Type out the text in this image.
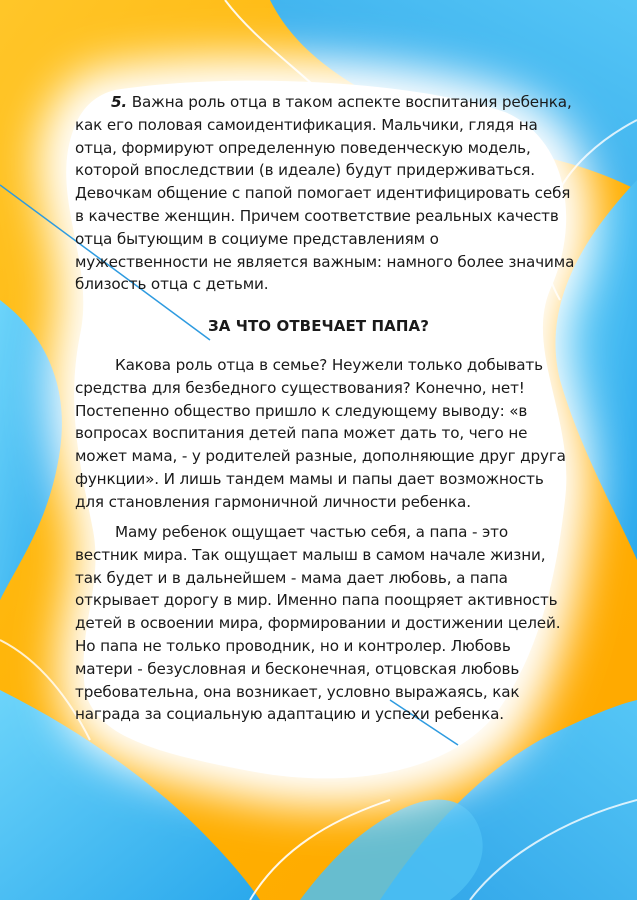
5. Важна роль отца в таком аспекте воспитания ребенка, как его половая самоидентификация. Мальчики, глядя на отца, формируют определенную поведенческую модель, которой впоследствии (в идеале) будут придерживаться. Девочкам общение с папой помогает идентифицировать себя в качестве женщин. Причем соответствие реальных качеств отца бытующим в социуме представлениям о мужественности не является важным: намного более значима близость отца с детьми.

ЗА ЧТО ОТВЕЧАЕТ ПАПА?

Какова роль отца в семье? Неужели только добывать средства для безбедного существования? Конечно, нет! Постепенно общество пришло к следующему выводу: «в вопросах воспитания детей папа может дать то, чего не может мама, - у родителей разные, дополняющие друг друга функции». И лишь тандем мамы и папы дает возможность для становления гармоничной личности ребенка.

Маму ребенок ощущает частью себя, а папа - это вестник мира. Так ощущает малыш в самом начале жизни, так будет и в дальнейшем - мама дает любовь, а папа открывает дорогу в мир. Именно папа поощряет активность детей в освоении мира, формировании и достижении целей. Но папа не только проводник, но и контролер. Любовь матери - безусловная и бесконечная, отцовская любовь требовательна, она возникает, условно выражаясь, как награда за социальную адаптацию и успехи ребенка.
